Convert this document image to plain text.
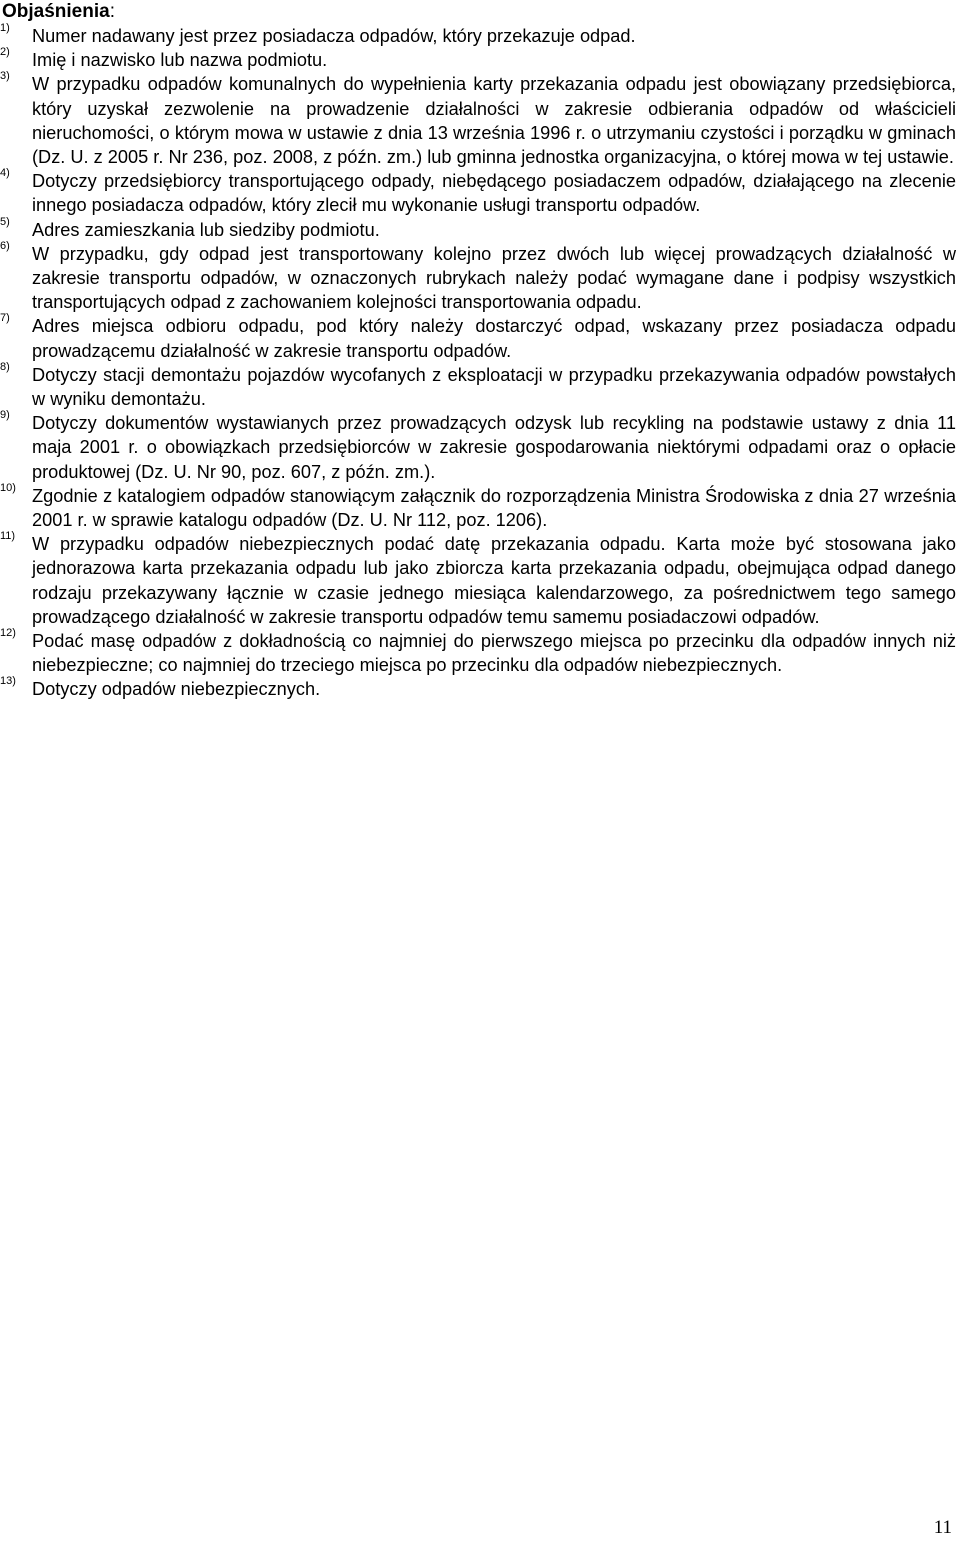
Objaśnienia:

1) Numer nadawany jest przez posiadacza odpadów, który przekazuje odpad.

2) Imię i nazwisko lub nazwa podmiotu.

3) W przypadku odpadów komunalnych do wypełnienia karty przekazania odpadu jest obowiązany przedsiębiorca, który uzyskał zezwolenie na prowadzenie działalności w zakresie odbierania odpadów od właścicieli nieruchomości, o którym mowa w ustawie z dnia 13 września 1996 r. o utrzymaniu czystości i porządku w gminach (Dz. U. z 2005 r. Nr 236, poz. 2008, z późn. zm.) lub gminna jednostka organizacyjna, o której mowa w tej ustawie.

4) Dotyczy przedsiębiorcy transportującego odpady, niebędącego posiadaczem odpadów, działającego na zlecenie innego posiadacza odpadów, który zlecił mu wykonanie usługi transportu odpadów.

5) Adres zamieszkania lub siedziby podmiotu.

6) W przypadku, gdy odpad jest transportowany kolejno przez dwóch lub więcej prowadzących działalność w zakresie transportu odpadów, w oznaczonych rubrykach należy podać wymagane dane i podpisy wszystkich transportujących odpad z zachowaniem kolejności transportowania odpadu.

7) Adres miejsca odbioru odpadu, pod który należy dostarczyć odpad, wskazany przez posiadacza odpadu prowadzącemu działalność w zakresie transportu odpadów.

8) Dotyczy stacji demontażu pojazdów wycofanych z eksploatacji w przypadku przekazywania odpadów powstałych w wyniku demontażu.

9) Dotyczy dokumentów wystawianych przez prowadzących odzysk lub recykling na podstawie ustawy z dnia 11 maja 2001 r. o obowiązkach przedsiębiorców w zakresie gospodarowania niektórymi odpadami oraz o opłacie produktowej (Dz. U. Nr 90, poz. 607, z późn. zm.).

10) Zgodnie z katalogiem odpadów stanowiącym załącznik do rozporządzenia Ministra Środowiska z dnia 27 września 2001 r. w sprawie katalogu odpadów (Dz. U. Nr 112, poz. 1206).

11) W przypadku odpadów niebezpiecznych podać datę przekazania odpadu. Karta może być stosowana jako jednorazowa karta przekazania odpadu lub jako zbiorcza karta przekazania odpadu, obejmująca odpad danego rodzaju przekazywany łącznie w czasie jednego miesiąca kalendarzowego, za pośrednictwem tego samego prowadzącego działalność w zakresie transportu odpadów temu samemu posiadaczowi odpadów.

12) Podać masę odpadów z dokładnością co najmniej do pierwszego miejsca po przecinku dla odpadów innych niż niebezpieczne; co najmniej do trzeciego miejsca po przecinku dla odpadów niebezpiecznych.

13) Dotyczy odpadów niebezpiecznych.

11
